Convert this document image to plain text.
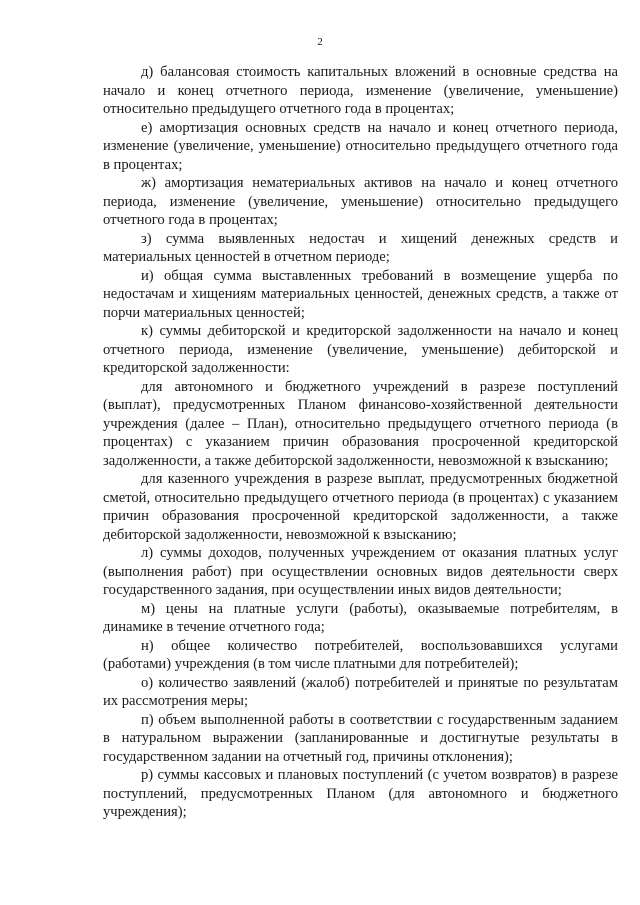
2

д) балансовая стоимость капитальных вложений в основные средства на начало и конец отчетного периода, изменение (увеличение, уменьшение) относительно предыдущего отчетного года в процентах;

е) амортизация основных средств на начало и конец отчетного периода, изменение (увеличение, уменьшение) относительно предыдущего отчетного года в процентах;

ж) амортизация нематериальных активов на начало и конец отчетного периода, изменение (увеличение, уменьшение) относительно предыдущего отчетного года в процентах;

з) сумма выявленных недостач и хищений денежных средств и материальных ценностей в отчетном периоде;

и) общая сумма выставленных требований в возмещение ущерба по недостачам и хищениям материальных ценностей, денежных средств, а также от порчи материальных ценностей;

к) суммы дебиторской и кредиторской задолженности на начало и конец отчетного периода, изменение (увеличение, уменьшение) дебиторской и кредиторской задолженности:

для автономного и бюджетного учреждений в разрезе поступлений (выплат), предусмотренных Планом финансово-хозяйственной деятельности учреждения (далее – План), относительно предыдущего отчетного периода (в процентах) с указанием причин образования просроченной кредиторской задолженности, а также дебиторской задолженности, невозможной к взысканию;

для казенного учреждения в разрезе выплат, предусмотренных бюджетной сметой, относительно предыдущего отчетного периода (в процентах) с указанием причин образования просроченной кредиторской задолженности, а также дебиторской задолженности, невозможной к взысканию;

л) суммы доходов, полученных учреждением от оказания платных услуг (выполнения работ) при осуществлении основных видов деятельности сверх государственного задания, при осуществлении иных видов деятельности;

м) цены на платные услуги (работы), оказываемые потребителям, в динамике в течение отчетного года;

н) общее количество потребителей, воспользовавшихся услугами (работами) учреждения (в том числе платными для потребителей);

о) количество заявлений (жалоб) потребителей и принятые по результатам их рассмотрения меры;

п) объем выполненной работы в соответствии с государственным заданием в натуральном выражении (запланированные и достигнутые результаты в государственном задании на отчетный год, причины отклонения);

р) суммы кассовых и плановых поступлений (с учетом возвратов) в разрезе поступлений, предусмотренных Планом (для автономного и бюджетного учреждения);
